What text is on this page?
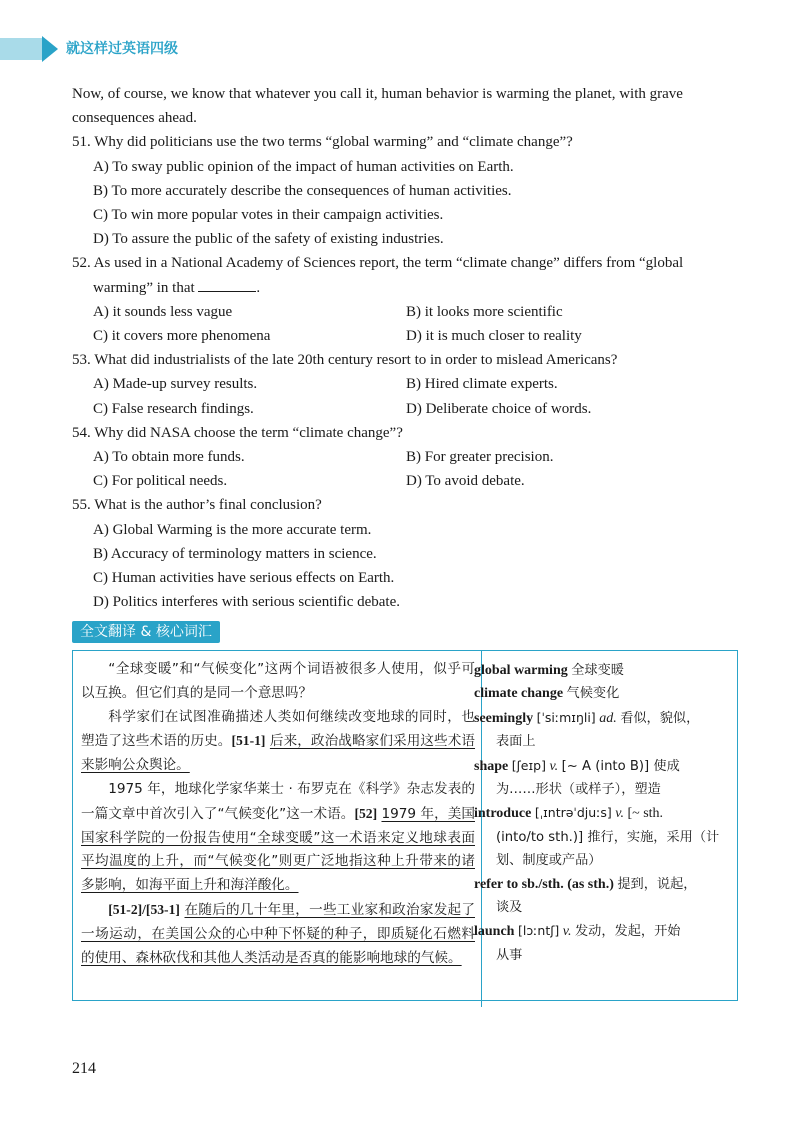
就这样过英语四级

Now, of course, we know that whatever you call it, human behavior is warming the planet, with grave consequences ahead.

51. Why did politicians use the two terms “global warming” and “climate change”?
A) To sway public opinion of the impact of human activities on Earth.
B) To more accurately describe the consequences of human activities.
C) To win more popular votes in their campaign activities.
D) To assure the public of the safety of existing industries.
52. As used in a National Academy of Sciences report, the term “climate change” differs from “global
warming” in that	.
A) it sounds less vague	B) it looks more scientific
C) it covers more phenomena	D) it is much closer to reality
53. What did industrialists of the late 20th century resort to in order to mislead Americans?
A) Made-up survey results.	B) Hired climate experts.
C) False research findings.	D) Deliberate choice of words.
54. Why did NASA choose the term “climate change”?
A) To obtain more funds.	B) For greater precision.
C) For political needs.	D) To avoid debate.
55. What is the author’s final conclusion?
A) Global Warming is the more accurate term.
B) Accuracy of terminology matters in science.
C) Human activities have serious effects on Earth.
D) Politics interferes with serious scientific debate.
全文翻译 & 核心词汇

“全球变暖”和“气候变化”这两个词语被很多人使用，似乎可以互换。但它们真的是同一个意思吗？

科学家们在试图准确描述人类如何继续改变地球的同时，也塑造了这些术语的历史。[51-1] 后来，政治战略家们采用这些术语来影响公众舆论。

1975 年，地球化学家华莱士 · 布罗克在《科学》杂志发表的一篇文章中首次引入了“气候变化”这一术语。[52] 1979 年，美国国家科学院的一份报告使用“全球变暖”这一术语来定义地球表面平均温度的上升，而“气候变化”则更广泛地指这种上升带来的诸多影响，如海平面上升和海洋酸化。

[51-2]/[53-1] 在随后的几十年里，一些工业家和政治家发起了一场运动，在美国公众的心中种下怀疑的种子，即质疑化石燃料的使用、森林砍伐和其他人类活动是否真的能影响地球的气候。

global warming 全球变暖
climate change 气候变化
seemingly [ˈsiːmɪŋli] ad. 看似，貌似，
表面上
shape [ʃeɪp] v. [~ A (into B)] 使成
为……形状（或样子），塑造
introduce [ˌɪntrəˈdjuːs] v. [~ sth.
(into/to sth.)] 推行，实施，采用（计划、制度或产品）
refer to sb./sth. (as sth.) 提到，说起，
谈及
launch [lɔːntʃ] v. 发动，发起，开始
从事
214
